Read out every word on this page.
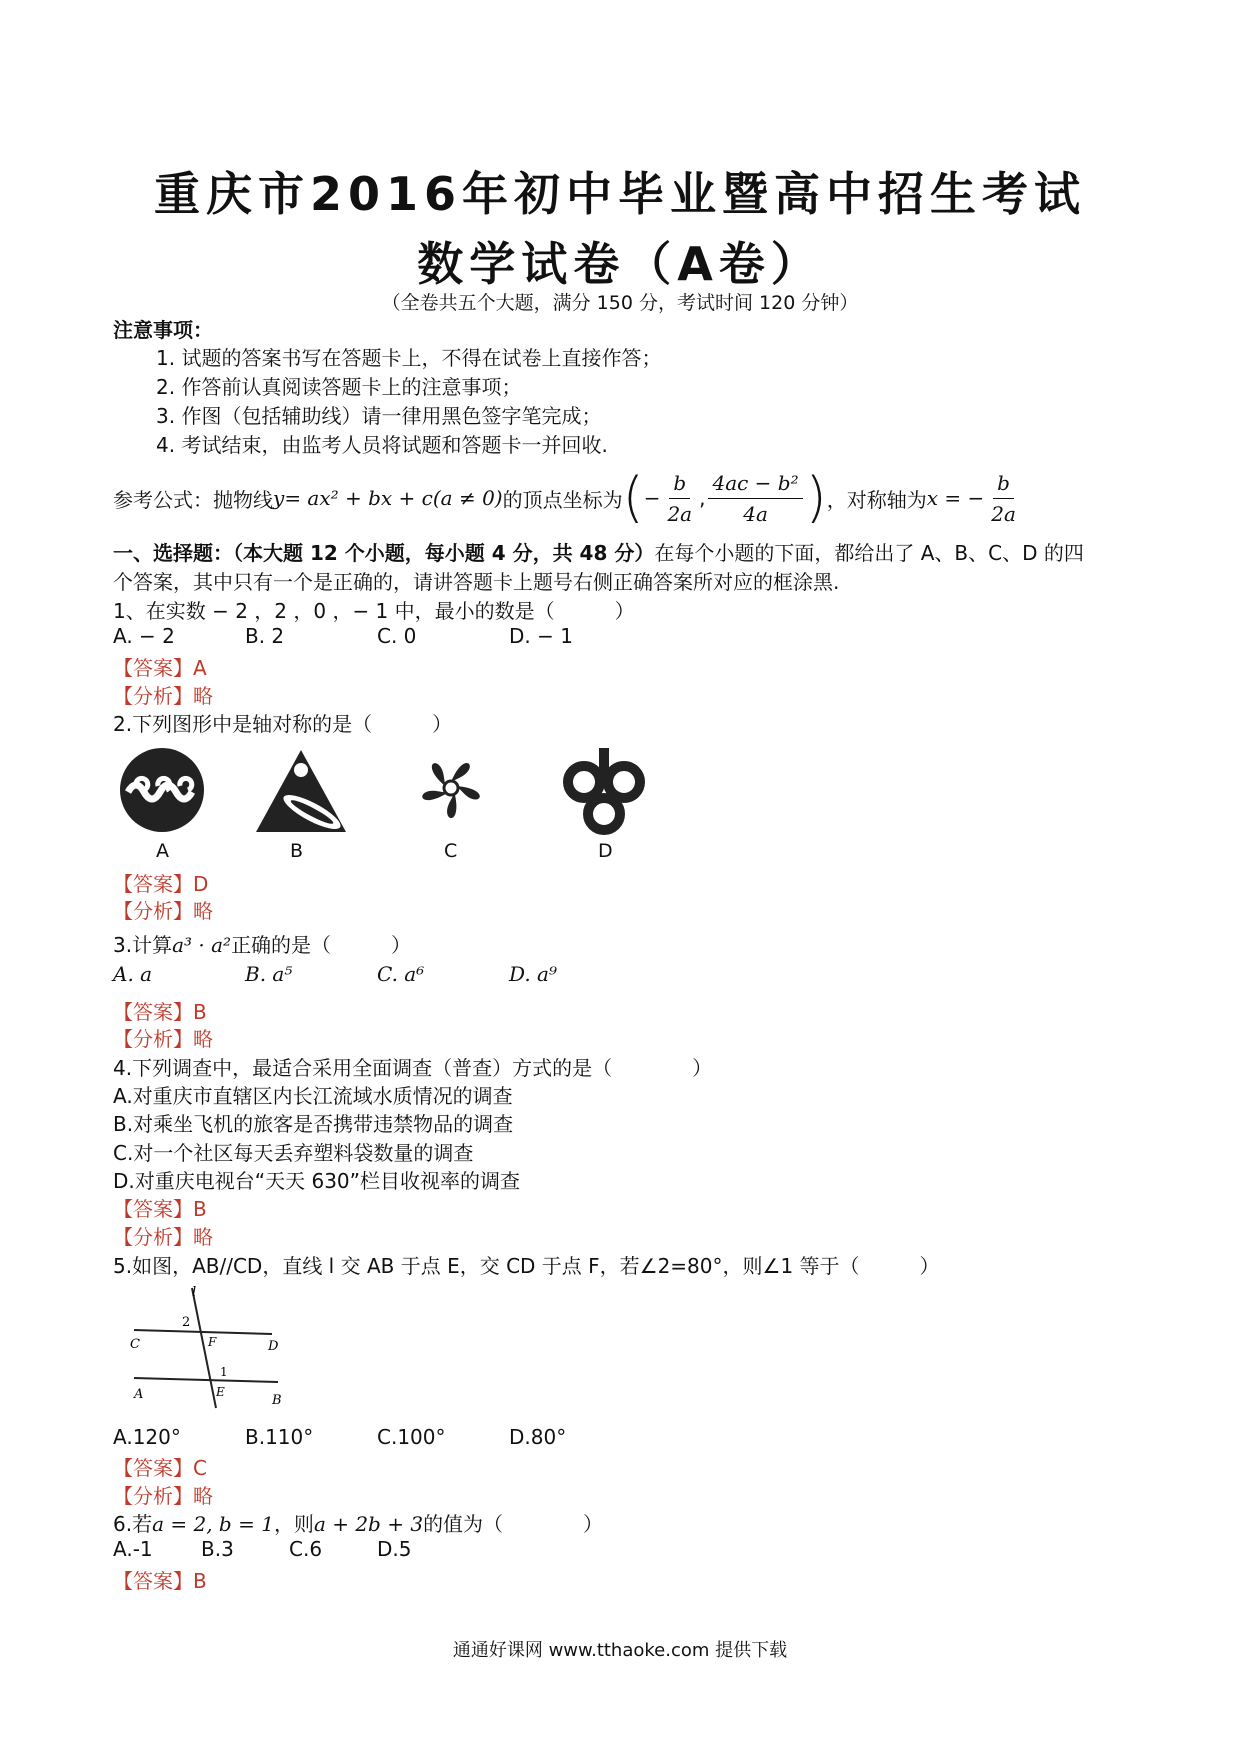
重庆市2016年初中毕业暨高中招生考试
数学试卷（A卷）
（全卷共五个大题，满分 150 分，考试时间 120 分钟）
注意事项：
1. 试题的答案书写在答题卡上，不得在试卷上直接作答；
2. 作答前认真阅读答题卡上的注意事项；
3. 作图（包括辅助线）请一律用黑色签字笔完成；
4. 考试结束，由监考人员将试题和答题卡一并回收.
参考公式：抛物线 y = ax² + bx + c(a ≠ 0) 的顶点坐标为 ( − $\frac{b}{2a}$ , $\frac{\text{4ac − b²}}{4a}$ ) ，对称轴为 x = − $\frac{b}{2a}$
一、选择题：（本大题 12 个小题，每小题 4 分，共 48 分）在每个小题的下面，都给出了 A、B、C、D 的四
个答案，其中只有一个是正确的，请讲答题卡上题号右侧正确答案所对应的框涂黑.
1、在实数 − 2 ，2 ，0 ，− 1 中，最小的数是（　　　）
A. − 2	B. 2	C. 0	D. − 1
【答案】A
【分析】略
2.下列图形中是轴对称的是（　　　）
A	B	C	D
【答案】D
【分析】略
3.计算a³ · a²正确的是（　　　）
A. a	B. a⁵	C. a⁶	D. a⁹
【答案】B
【分析】略
4.下列调查中，最适合采用全面调查（普查）方式的是（　　　　）
A.对重庆市直辖区内长江流域水质情况的调查
B.对乘坐飞机的旅客是否携带违禁物品的调查
C.对一个社区每天丢弃塑料袋数量的调查
D.对重庆电视台“天天 630”栏目收视率的调查
【答案】B
【分析】略
5.如图，AB//CD，直线 l 交 AB 于点 E，交 CD 于点 F，若∠2=80°，则∠1 等于（　　　）
l
2
C	F	D
1
A	E
B
A.120°	B.110°	C.100°	D.80°
【答案】C
【分析】略
6.若a = 2, b = 1，则a + 2b + 3的值为（　　　　）
A.-1 B.3	C.6	D.5
【答案】B
通通好课网 www.tthaoke.com 提供下载
